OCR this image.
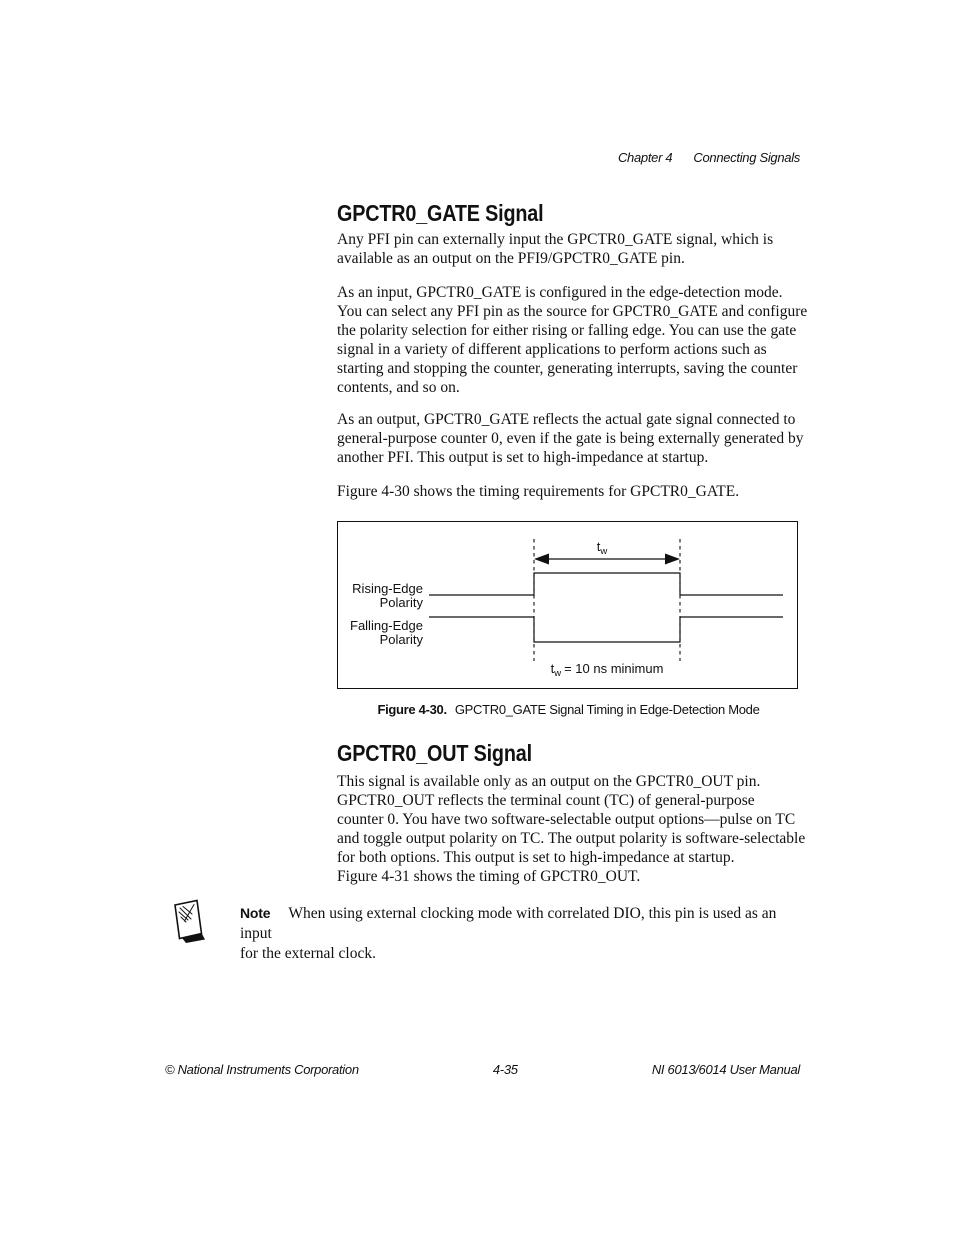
Chapter 4 Connecting Signals
GPCTR0_GATE Signal

Any PFI pin can externally input the GPCTR0_GATE signal, which is
available as an output on the PFI9/GPCTR0_GATE pin.

As an input, GPCTR0_GATE is configured in the edge-detection mode.
You can select any PFI pin as the source for GPCTR0_GATE and configure
the polarity selection for either rising or falling edge. You can use the gate
signal in a variety of different applications to perform actions such as
starting and stopping the counter, generating interrupts, saving the counter
contents, and so on.

As an output, GPCTR0_GATE reflects the actual gate signal connected to
general-purpose counter 0, even if the gate is being externally generated by
another PFI. This output is set to high-impedance at startup.

Figure 4-30 shows the timing requirements for GPCTR0_GATE.

$t_w$
Rising-Edge
Polarity
Falling-Edge
Polarity
$t_w = 10$ ns minimum
Figure 4-30. GPCTR0_GATE Signal Timing in Edge-Detection Mode
GPCTR0_OUT Signal

This signal is available only as an output on the GPCTR0_OUT pin.
GPCTR0_OUT reflects the terminal count (TC) of general-purpose
counter 0. You have two software-selectable output options—pulse on TC
and toggle output polarity on TC. The output polarity is software-selectable
for both options. This output is set to high-impedance at startup.
Figure 4-31 shows the timing of GPCTR0_OUT.

Note When using external clocking mode with correlated DIO, this pin is used as an input
for the external clock.
© National Instruments Corporation	4-35	NI 6013/6014 User Manual
